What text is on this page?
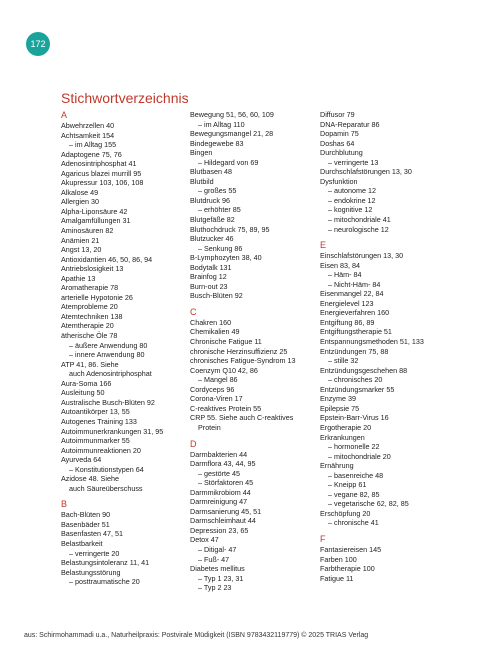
172
Stichwortverzeichnis
A
Abwehrzellen 40
Achtsamkeit 154
– im Alltag 155
Adaptogene 75, 76
Adenosintriphosphat 41
Agaricus blazei murrill 95
Akupressur 103, 106, 108
Alkalose 49
Allergien 30
Alpha-Liponsäure 42
Amalgamfüllungen 31
Aminosäuren 82
Anämien 21
Angst 13, 20
Antioxidantien 46, 50, 86, 94
Antriebslosigkeit 13
Apathie 13
Aromatherapie 78
arterielle Hypotonie 26
Atemprobleme 20
Atemtechniken 138
Atemtherapie 20
ätherische Öle 78
– äußere Anwendung 80
– innere Anwendung 80
ATP 41, 86. Siehe
auch Adenosintriphosphat
Aura-Soma 166
Ausleitung 50
Australische Busch-Blüten 92
Autoantikörper 13, 55
Autogenes Training 133
Autoimmunerkrankungen 31, 95
Autoimmunmarker 55
Autoimmunreaktionen 20
Ayurveda 64
– Konstitutionstypen 64
Azidose 48. Siehe
auch Säureüberschuss
B
Bach-Blüten 90
Basenbäder 51
Basenfasten 47, 51
Belastbarkeit
– verringerte 20
Belastungsintoleranz 11, 41
Belastungsstörung
– posttraumatische 20
Bewegung 51, 56, 60, 109
– im Alltag 110
Bewegungsmangel 21, 28
Bindegewebe 83
Bingen
– Hildegard von 69
Blutbasen 48
Blutbild
– großes 55
Blutdruck 96
– erhöhter 85
Blutgefäße 82
Bluthochdruck 75, 89, 95
Blutzucker 46
– Senkung 86
B-Lymphozyten 38, 40
Bodytalk 131
Brainfog 12
Burn-out 23
Busch-Blüten 92
C
Chakren 160
Chemikalien 49
Chronische Fatigue 11
chronische Herzinsuffizienz 25
chronisches Fatigue-Syndrom 13
Coenzym Q10 42, 86
– Mangel 86
Cordyceps 96
Corona-Viren 17
C-reaktives Protein 55
CRP 55. Siehe auch C-reaktives
Protein
D
Darmbakterien 44
Darmflora 43, 44, 95
– gestörte 45
– Störfaktoren 45
Darmmikrobiom 44
Darmreinigung 47
Darmsanierung 45, 51
Darmschleimhaut 44
Depression 23, 65
Detox 47
– Ditigal- 47
– Fuß- 47
Diabetes mellitus
– Typ 1 23, 31
– Typ 2 23
Diffusor 79
DNA-Reparatur 86
Dopamin 75
Doshas 64
Durchblutung
– verringerte 13
Durchschlafstörungen 13, 30
Dysfunktion
– autonome 12
– endokrine 12
– kognitive 12
– mitochondriale 41
– neurologische 12
E
Einschlafstörungen 13, 30
Eisen 83, 84
– Häm- 84
– Nicht-Häm- 84
Eisenmangel 22, 84
Energielevel 123
Energieverfahren 160
Entgiftung 86, 89
Entgiftungstherapie 51
Entspannungsmethoden 51, 133
Entzündungen 75, 88
– stille 32
Entzündungsgeschehen 88
– chronisches 20
Entzündungsmarker 55
Enzyme 39
Epilepsie 75
Epstein-Barr-Virus 16
Ergotherapie 20
Erkrankungen
– hormonelle 22
– mitochondriale 20
Ernährung
– basenreiche 48
– Kneipp 61
– vegane 82, 85
– vegetarische 62, 82, 85
Erschöpfung 20
– chronische 41
F
Fantasiereisen 145
Farben 100
Farbtherapie 100
Fatigue 11
aus: Schirmohammadi u.a., Naturheilpraxis: Postvirale Müdigkeit (ISBN 9783432119779) © 2025 TRIAS Verlag
